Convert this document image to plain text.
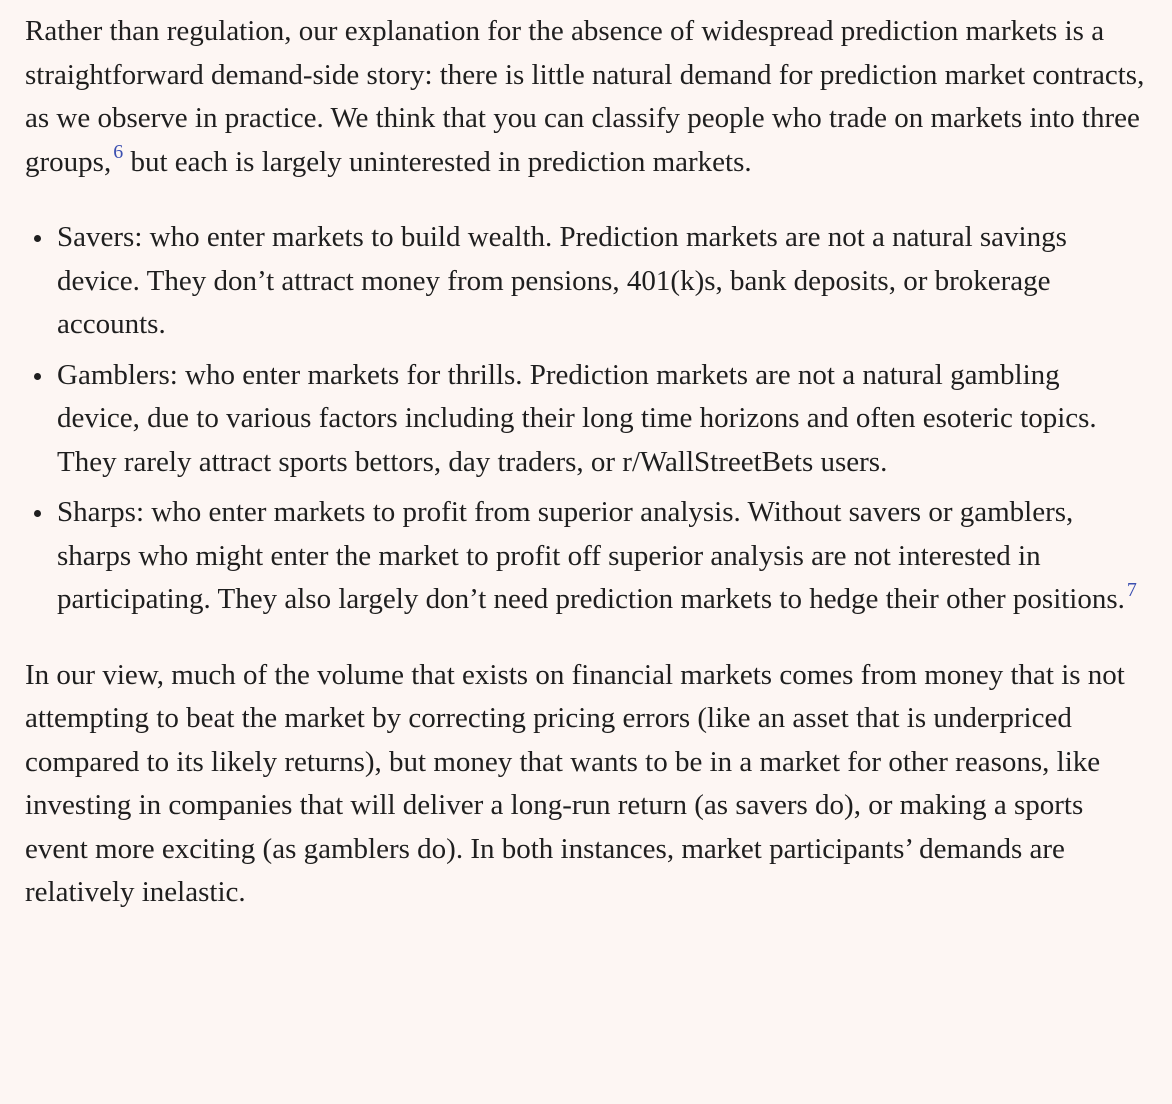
Rather than regulation, our explanation for the absence of widespread prediction markets is a straightforward demand-side story: there is little natural demand for prediction market contracts, as we observe in practice. We think that you can classify people who trade on markets into three groups, $^6$ but each is largely uninterested in prediction markets.

Savers: who enter markets to build wealth. Prediction markets are not a natural savings device. They don’t attract money from pensions, 401(k)s, bank deposits, or brokerage accounts.
Gamblers: who enter markets for thrills. Prediction markets are not a natural gambling device, due to various factors including their long time horizons and often esoteric topics. They rarely attract sports bettors, day traders, or r/WallStreetBets users.
Sharps: who enter markets to profit from superior analysis. Without savers or gamblers, sharps who might enter the market to profit off superior analysis are not interested in participating. They also largely don’t need prediction markets to hedge their other positions. $^7$

In our view, much of the volume that exists on financial markets comes from money that is not attempting to beat the market by correcting pricing errors (like an asset that is underpriced compared to its likely returns), but money that wants to be in a market for other reasons, like investing in companies that will deliver a long-run return (as savers do), or making a sports event more exciting (as gamblers do). In both instances, market participants’ demands are relatively inelastic.
